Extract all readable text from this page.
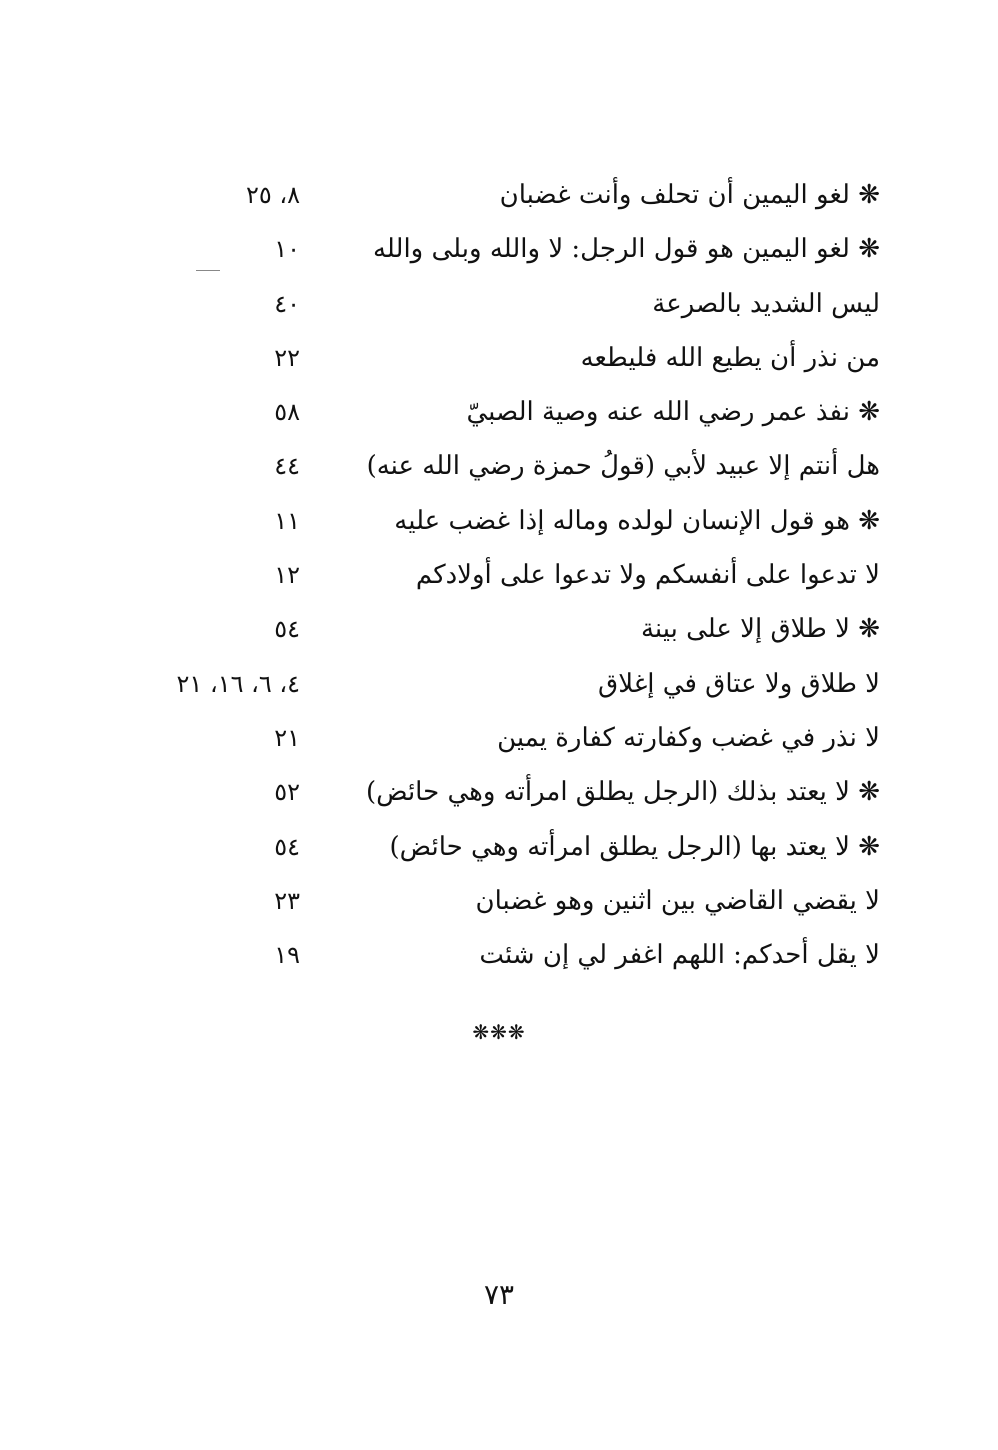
❋ لغو اليمين أن تحلف وأنت غضبان
٨، ٢٥
❋ لغو اليمين هو قول الرجل: لا والله وبلى والله
١٠
ليس الشديد بالصرعة
٤٠
من نذر أن يطيع الله فليطعه
٢٢
❋ نفذ عمر رضي الله عنه وصية الصبيّ
٥٨
هل أنتم إلا عبيد لأبي (قولُ حمزة رضي الله عنه)
٤٤
❋ هو قول الإنسان لولده وماله إذا غضب عليه
١١
لا تدعوا على أنفسكم ولا تدعوا على أولادكم
١٢
❋ لا طلاق إلا على بينة
٥٤
لا طلاق ولا عتاق في إغلاق
٤، ٦، ١٦، ٢١
لا نذر في غضب وكفارته كفارة يمين
٢١
❋ لا يعتد بذلك (الرجل يطلق امرأته وهي حائض)
٥٢
❋ لا يعتد بها (الرجل يطلق امرأته وهي حائض)
٥٤
لا يقضي القاضي بين اثنين وهو غضبان
٢٣
لا يقل أحدكم: اللهم اغفر لي إن شئت
١٩
❋❋❋
٧٣
